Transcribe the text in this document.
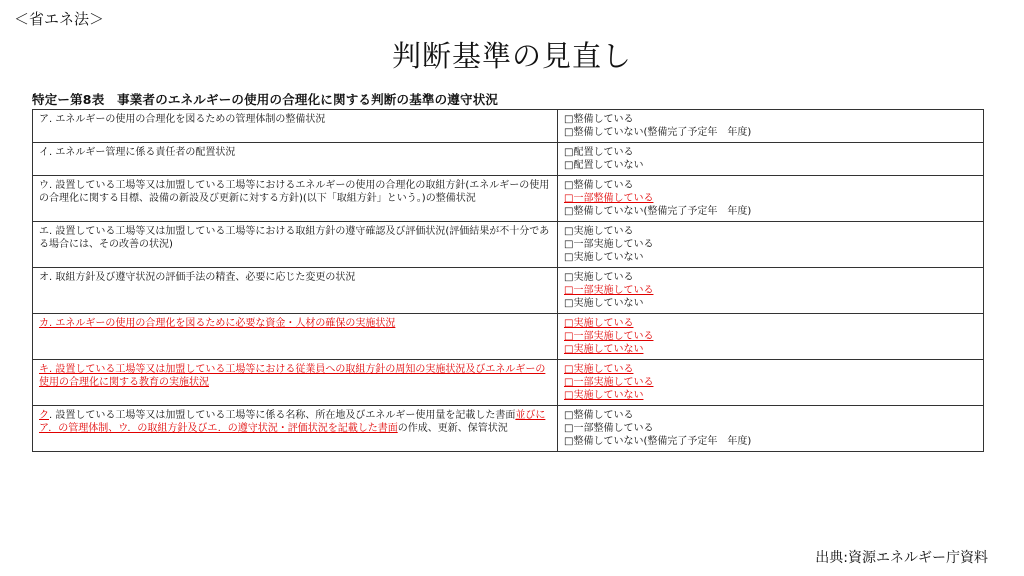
＜省エネ法＞
判断基準の見直し
特定ー第8表　事業者のエネルギーの使用の合理化に関する判断の基準の遵守状況
ア. エネルギーの使用の合理化を図るための管理体制の整備状況	□整備している
□整備していない(整備完了予定年　年度)

イ. エネルギー管理に係る責任者の配置状況	□配置している
□配置していない

ウ. 設置している工場等又は加盟している工場等におけるエネルギーの使用の合理化の取組方針(エネルギーの使用の合理化に関する目標、設備の新設及び更新に対する方針)(以下「取組方針」という。)の整備状況	□整備している
□一部整備している
□整備していない(整備完了予定年　年度)

エ. 設置している工場等又は加盟している工場等における取組方針の遵守確認及び評価状況(評価結果が不十分である場合には、その改善の状況)	□実施している
□一部実施している
□実施していない

オ. 取組方針及び遵守状況の評価手法の精査、必要に応じた変更の状況	□実施している
□一部実施している
□実施していない

カ. エネルギーの使用の合理化を図るために必要な資金・人材の確保の実施状況	□実施している
□一部実施している
□実施していない

キ. 設置している工場等又は加盟している工場等における従業員への取組方針の周知の実施状況及びエネルギーの使用の合理化に関する教育の実施状況	□実施している
□一部実施している
□実施していない

ク. 設置している工場等又は加盟している工場等に係る名称、所在地及びエネルギー使用量を記載した書面並びにア．の管理体制、ウ．の取組方針及びエ．の遵守状況・評価状況を記載した書面の作成、更新、保管状況	□整備している
□一部整備している
□整備していない(整備完了予定年　年度)
出典:資源エネルギー庁資料
